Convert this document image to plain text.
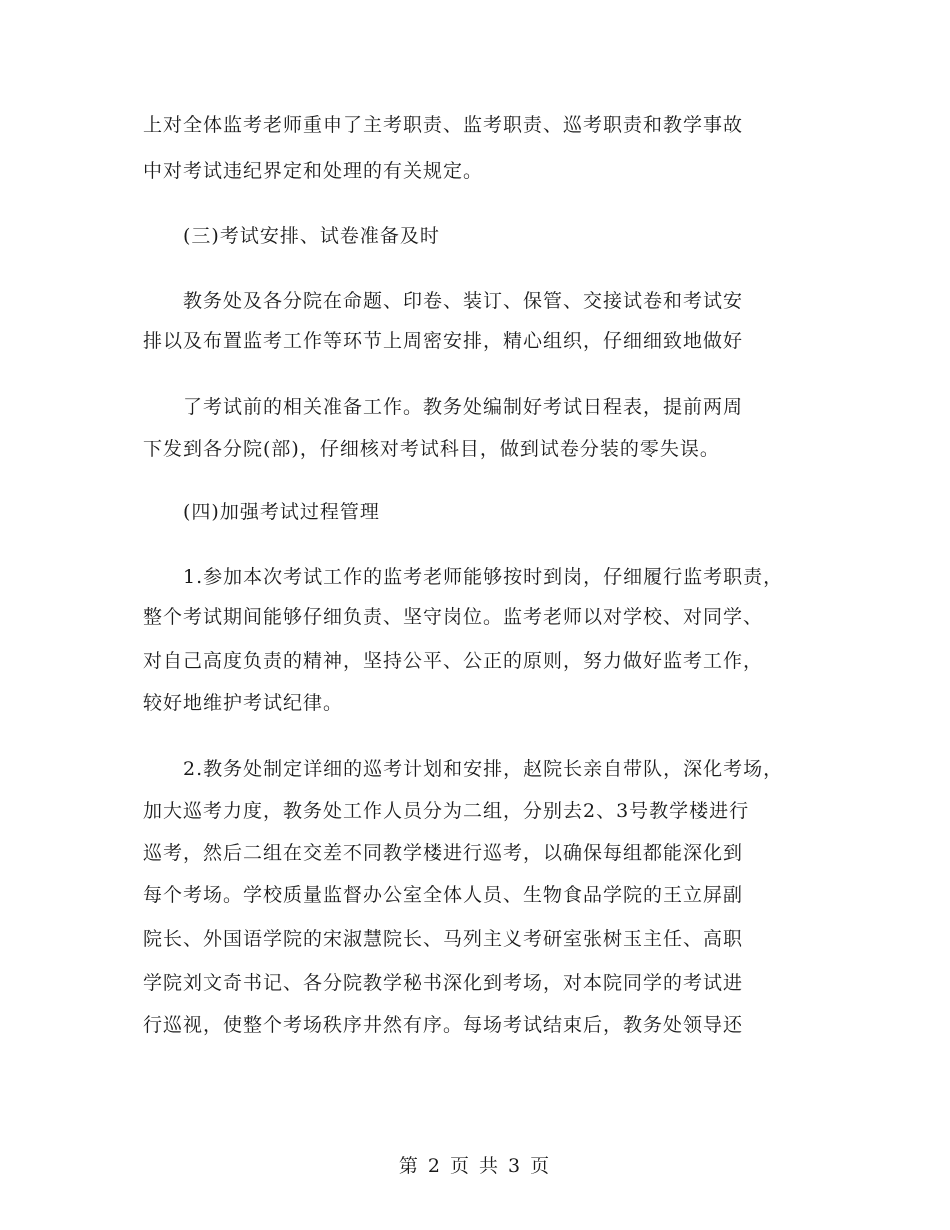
上对全体监考老师重申了主考职责、监考职责、巡考职责和教学事故
中对考试违纪界定和处理的有关规定。
(三)考试安排、试卷准备及时
教务处及各分院在命题、印卷、装订、保管、交接试卷和考试安
排以及布置监考工作等环节上周密安排，精心组织，仔细细致地做好
了考试前的相关准备工作。教务处编制好考试日程表，提前两周
下发到各分院(部)，仔细核对考试科目，做到试卷分装的零失误。
(四)加强考试过程管理
1.参加本次考试工作的监考老师能够按时到岗，仔细履行监考职责，
整个考试期间能够仔细负责、坚守岗位。监考老师以对学校、对同学、
对自己高度负责的精神，坚持公平、公正的原则，努力做好监考工作，
较好地维护考试纪律。
2.教务处制定详细的巡考计划和安排，赵院长亲自带队，深化考场，
加大巡考力度，教务处工作人员分为二组，分别去2、3号教学楼进行
巡考，然后二组在交差不同教学楼进行巡考，以确保每组都能深化到
每个考场。学校质量监督办公室全体人员、生物食品学院的王立屏副
院长、外国语学院的宋淑慧院长、马列主义考研室张树玉主任、高职
学院刘文奇书记、各分院教学秘书深化到考场，对本院同学的考试进
行巡视，使整个考场秩序井然有序。每场考试结束后，教务处领导还
第 2 页 共 3 页
